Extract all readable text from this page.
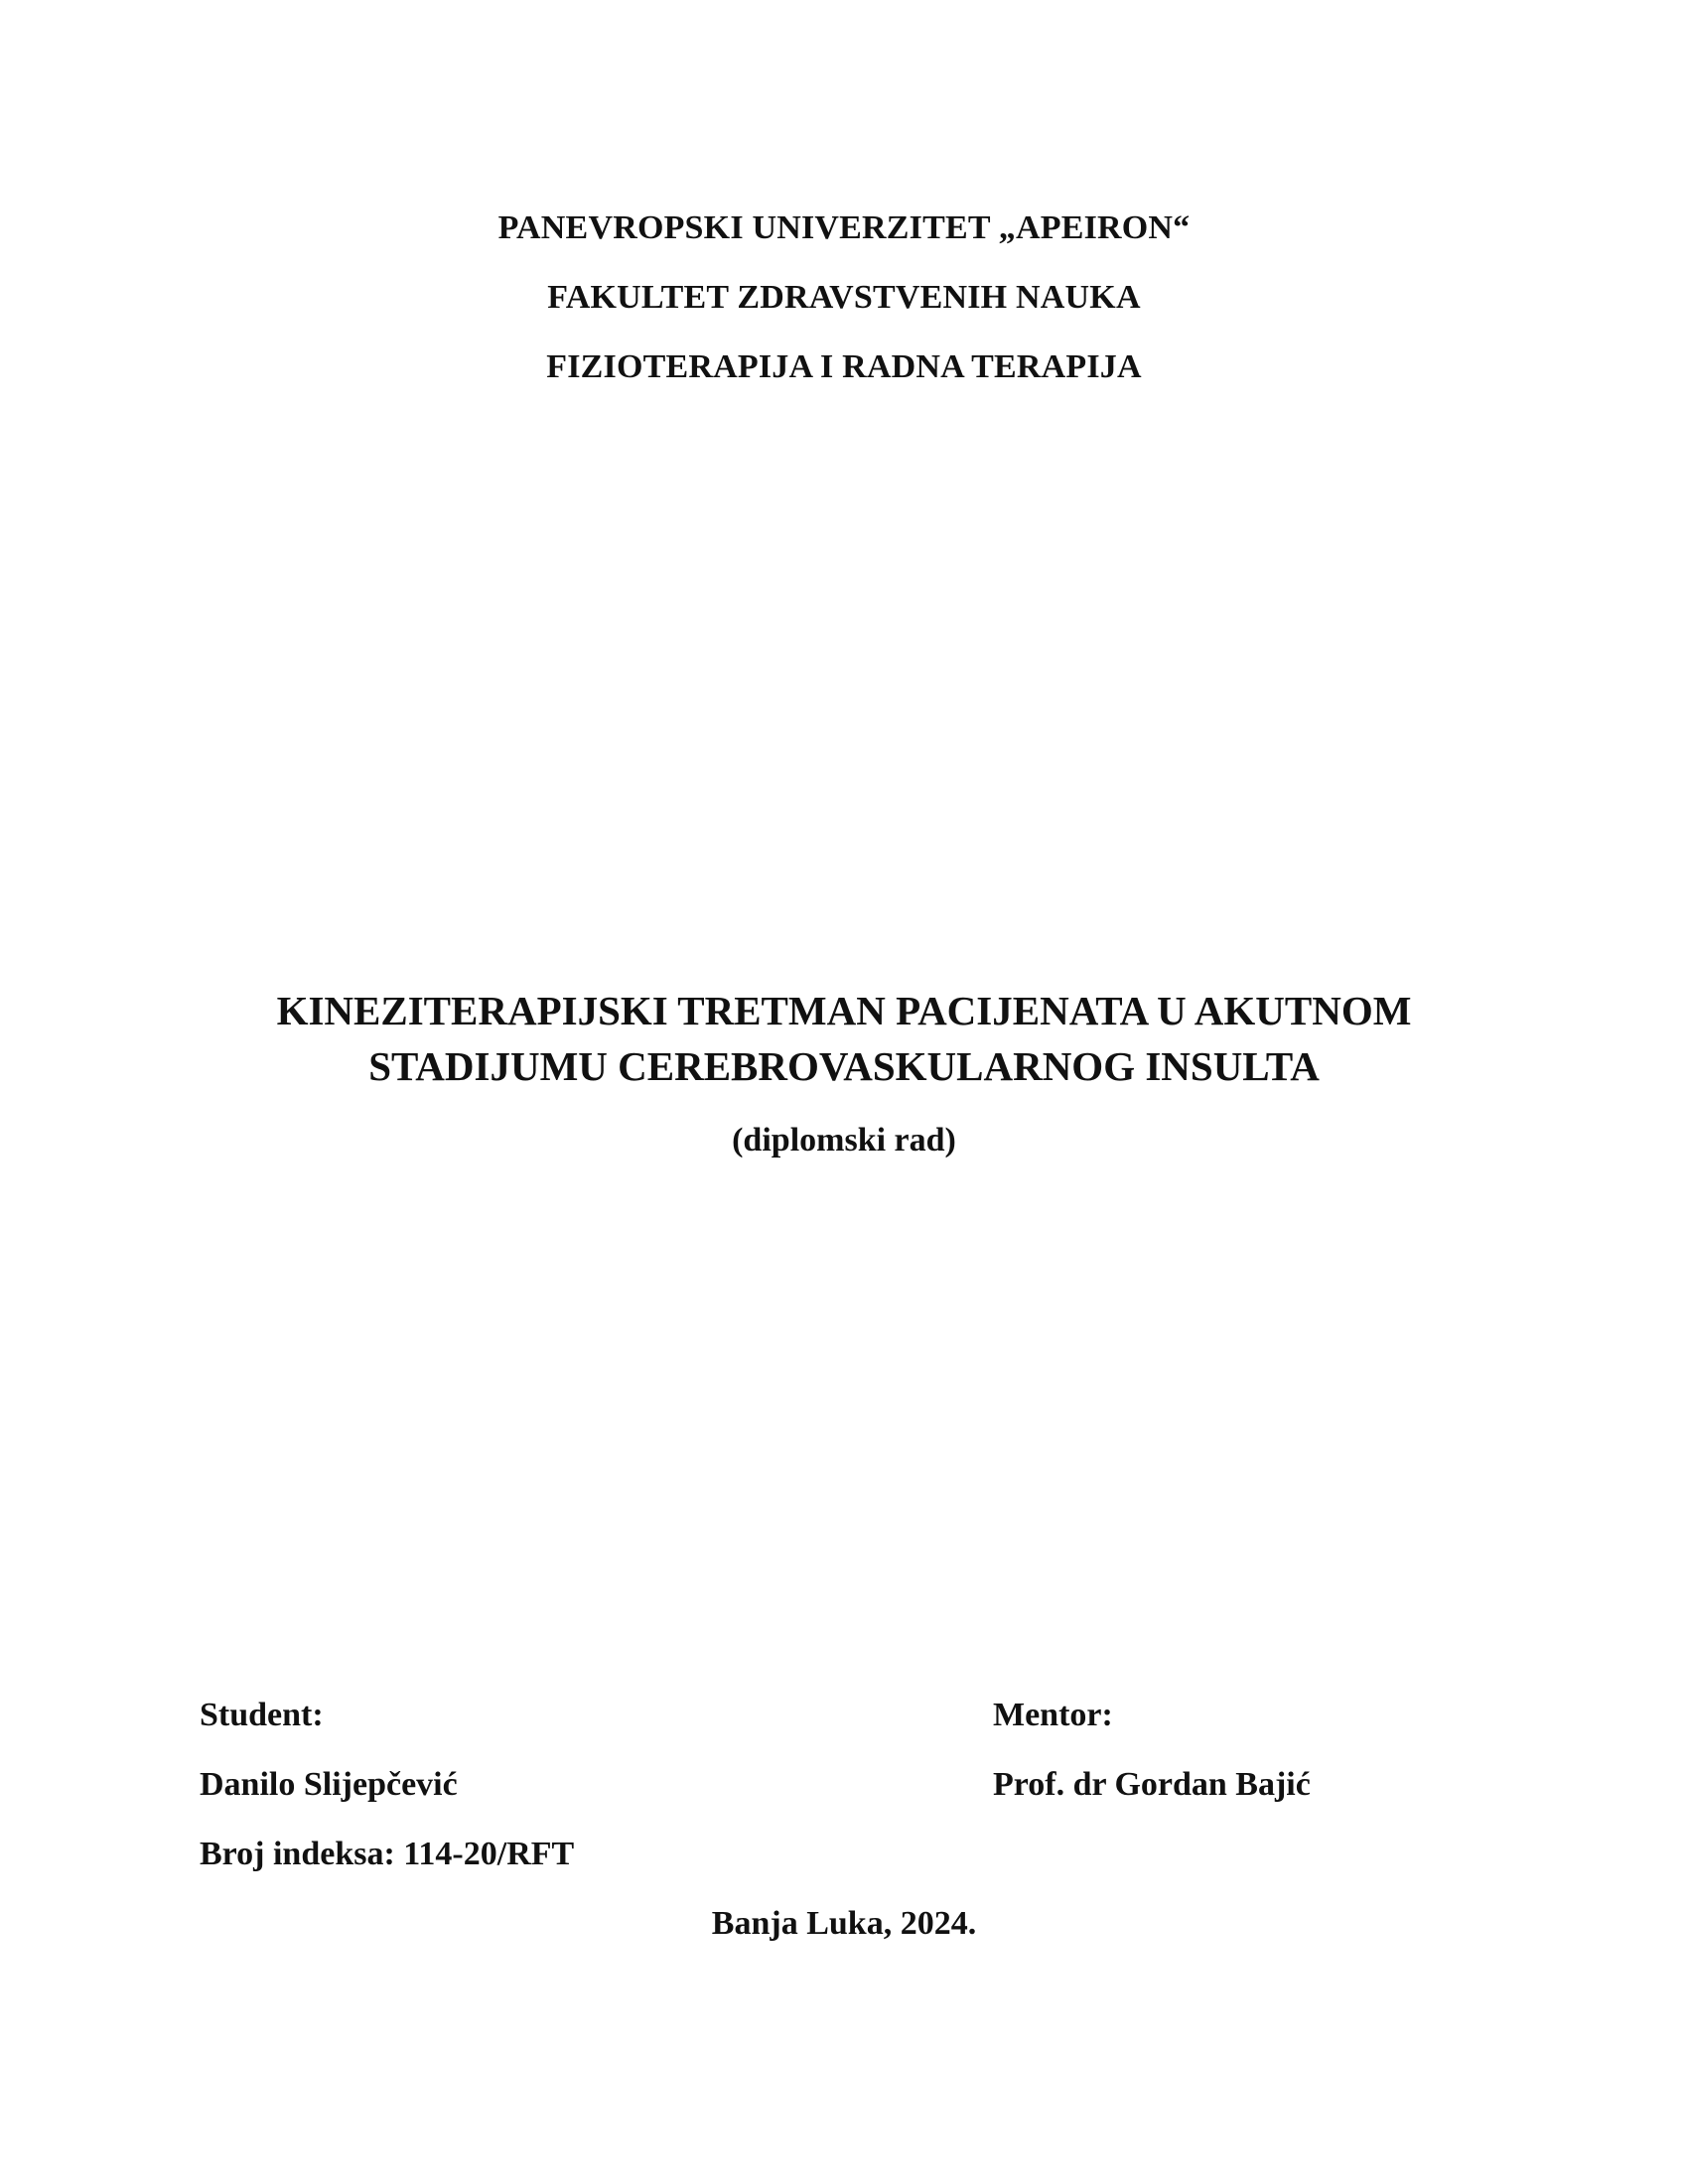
PANEVROPSKI UNIVERZITET „APEIRON“
FAKULTET ZDRAVSTVENIH NAUKA
FIZIOTERAPIJA I RADNA TERAPIJA
KINEZITERAPIJSKI TRETMAN PACIJENATA U AKUTNOM
STADIJUMU CEREBROVASKULARNOG INSULTA
(diplomski rad)
Student:
Danilo Slijepčević
Broj indeksa: 114-20/RFT
Mentor:
Prof. dr Gordan Bajić
Banja Luka, 2024.
